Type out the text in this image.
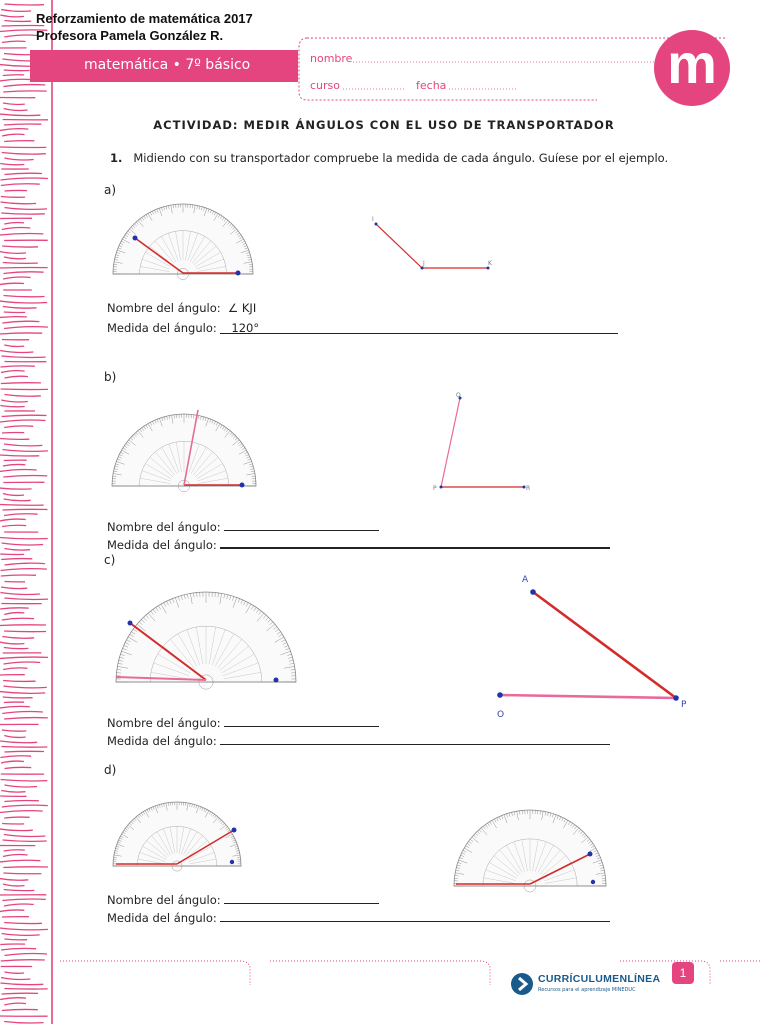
Reforzamiento de matemática 2017
Profesora Pamela González R.
matemática • 7º básico	nombre
curso	fecha	m
ACTIVIDAD: MEDIR ÁNGULOS CON EL USO DE TRANSPORTADOR
1. Midiendo con su transportador compruebe la medida de cada ángulo. Guíese por el ejemplo.
a)
I
J	K
Nombre del ángulo:  ∠ KJI
Medida del ángulo: 120°
b)
Q
P	R
Nombre del ángulo:
Medida del ángulo:
c)
A
O
P
Nombre del ángulo:
Medida del ángulo:
d)
Nombre del ángulo:
Medida del ángulo:
CURRÍCULUMENLÍNEA
Recursos para el aprendizaje MINEDUC
1
